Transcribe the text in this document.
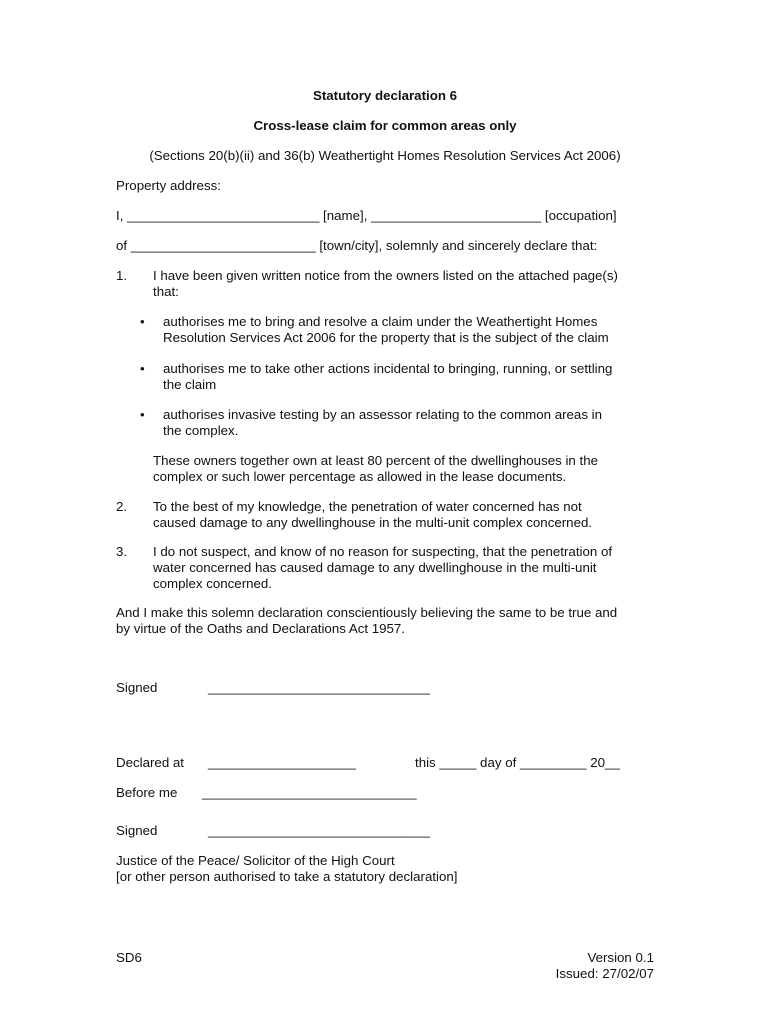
Statutory declaration 6
Cross-lease claim for common areas only
(Sections 20(b)(ii) and 36(b) Weathertight Homes Resolution Services Act 2006)
Property address:
I, __________________________ [name], _______________________ [occupation]
of _________________________ [town/city], solemnly and sincerely declare that:
1. I have been given written notice from the owners listed on the attached page(s)
that:
• authorises me to bring and resolve a claim under the Weathertight Homes
Resolution Services Act 2006 for the property that is the subject of the claim
• authorises me to take other actions incidental to bringing, running, or settling
the claim
• authorises invasive testing by an assessor relating to the common areas in
the complex.
These owners together own at least 80 percent of the dwellinghouses in the
complex or such lower percentage as allowed in the lease documents.
2. To the best of my knowledge, the penetration of water concerned has not
caused damage to any dwellinghouse in the multi-unit complex concerned.
3. I do not suspect, and know of no reason for suspecting, that the penetration of
water concerned has caused damage to any dwellinghouse in the multi-unit
complex concerned.
And I make this solemn declaration conscientiously believing the same to be true and
by virtue of the Oaths and Declarations Act 1957.
Signed	______________________________
Declared at ____________________	this _____ day of _________ 20__
Before me _____________________________
Signed	______________________________
Justice of the Peace/ Solicitor of the High Court
[or other person authorised to take a statutory declaration]
SD6	Version 0.1
Issued: 27/02/07
